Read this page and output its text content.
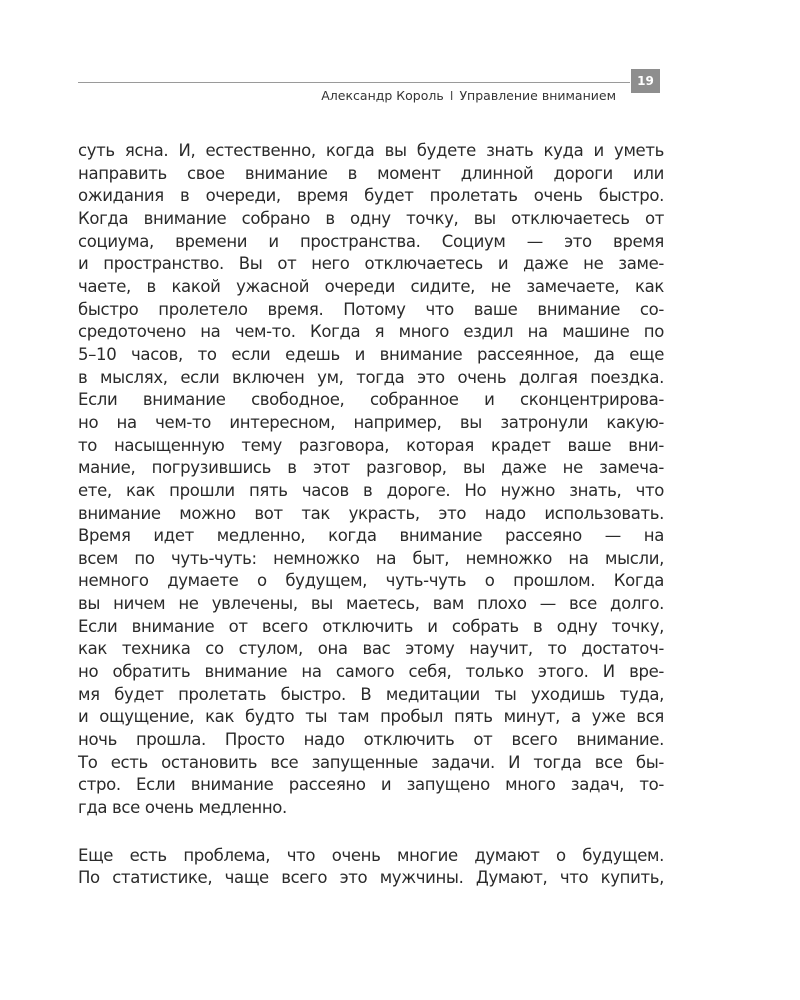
19
Александр Король I Управление вниманием
суть ясна. И, естественно, когда вы будете знать куда и уметь
направить свое внимание в момент длинной дороги или
ожидания в очереди, время будет пролетать очень быстро.
Когда внимание собрано в одну точку, вы отключаетесь от
социума, времени и пространства. Социум — это время
и пространство. Вы от него отключаетесь и даже не заме-
чаете, в какой ужасной очереди сидите, не замечаете, как
быстро пролетело время. Потому что ваше внимание со-
средоточено на чем-то. Когда я много ездил на машине по
5–10 часов, то если едешь и внимание рассеянное, да еще
в мыслях, если включен ум, тогда это очень долгая поездка.
Если внимание свободное, собранное и сконцентрирова-
но на чем-то интересном, например, вы затронули какую-
то насыщенную тему разговора, которая крадет ваше вни-
мание, погрузившись в этот разговор, вы даже не замеча-
ете, как прошли пять часов в дороге. Но нужно знать, что
внимание можно вот так украсть, это надо использовать.
Время идет медленно, когда внимание рассеяно — на
всем по чуть-чуть: немножко на быт, немножко на мысли,
немного думаете о будущем, чуть-чуть о прошлом. Когда
вы ничем не увлечены, вы маетесь, вам плохо — все долго.
Если внимание от всего отключить и собрать в одну точку,
как техника со стулом, она вас этому научит, то достаточ-
но обратить внимание на самого себя, только этого. И вре-
мя будет пролетать быстро. В медитации ты уходишь туда,
и ощущение, как будто ты там пробыл пять минут, а уже вся
ночь прошла. Просто надо отключить от всего внимание.
То есть остановить все запущенные задачи. И тогда все бы-
стро. Если внимание рассеяно и запущено много задач, то-
гда все очень медленно.
Еще есть проблема, что очень многие думают о будущем.
По статистике, чаще всего это мужчины. Думают, что купить,
